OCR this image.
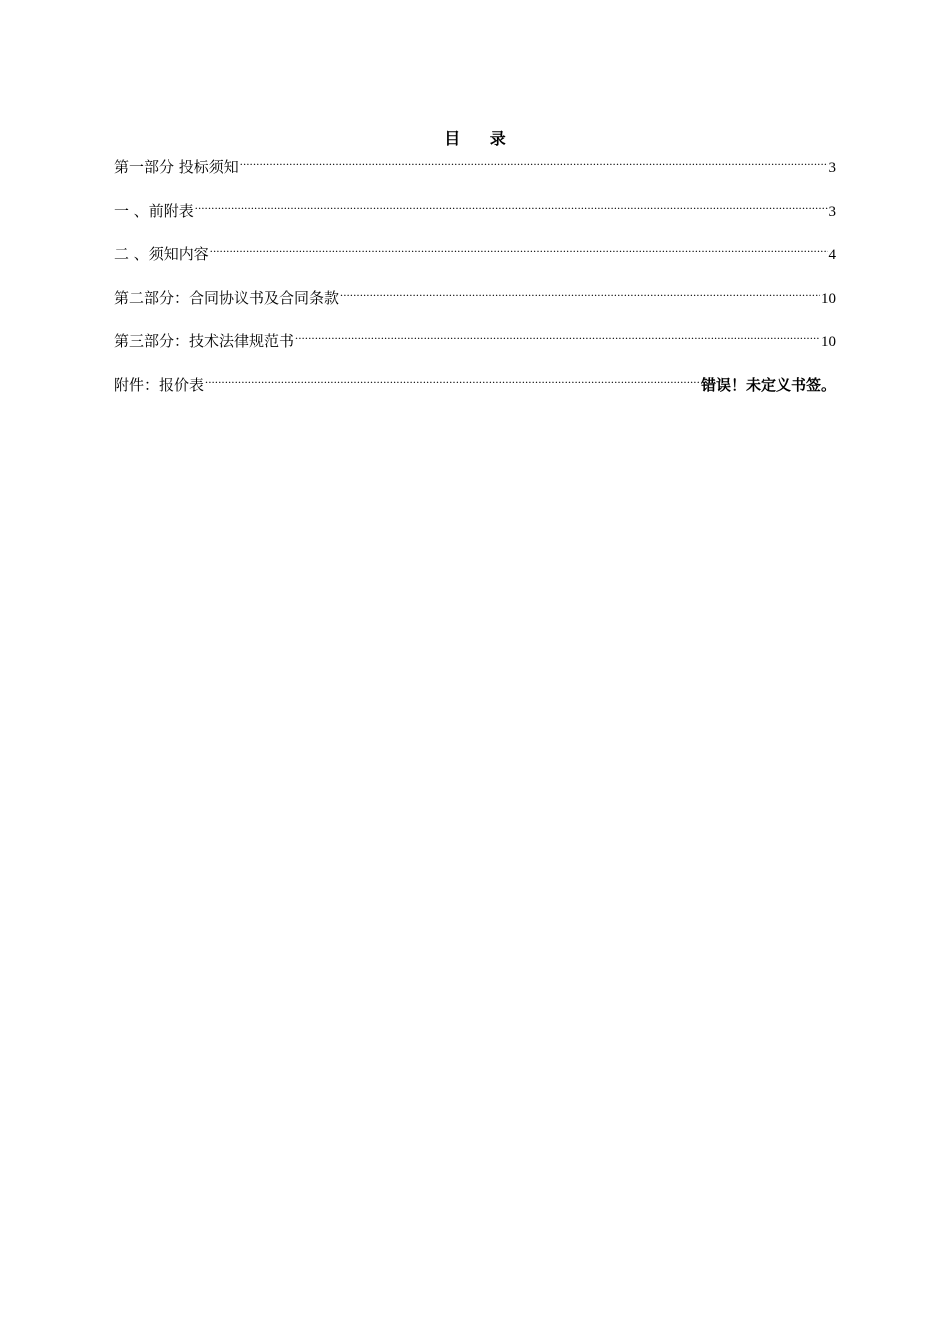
目 录
第一部分 投标须知 .....	3
一 、前附表 .....	3
二 、须知内容 .....	4
第二部分：合同协议书及合同条款 .....	10
第三部分：技术法律规范书 .....	10
附件：报价表 .....	错误！未定义书签。
